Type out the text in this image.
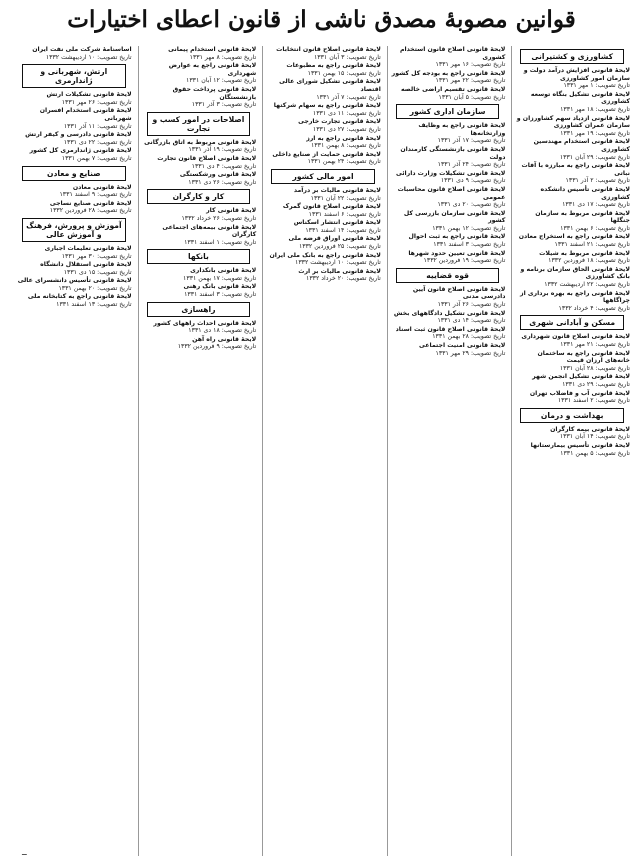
قوانین مصوبهٔ مصدق ناشی از قانون اعطای اختیارات
کشاورزی و کشتیرانی
لایحهٔ قانونی افزایش درآمد دولت و سازمان امور کشاورزی
تاریخ تصویب: ۱ مهر ۱۳۳۱
لایحهٔ قانونی تشکیل بنگاه توسعه کشاورزی
تاریخ تصویب: ۱۸ مهر ۱۳۳۱
لایحهٔ قانونی ازدیاد سهم کشاورزان و سازمان عمران کشاورزی
تاریخ تصویب: ۱۹ مهر ۱۳۳۱
لایحهٔ قانونی استخدام مهندسین کشاورزی
تاریخ تصویب: ۲۹ آبان ۱۳۳۱
لایحهٔ قانونی راجع به مبارزه با آفات نباتی
تاریخ تصویب: ۲ آذر ۱۳۳۱
لایحهٔ قانونی تأسیس دانشکده کشاورزی
تاریخ تصویب: ۱۷ دی ۱۳۳۱
لایحهٔ قانونی مربوط به سازمان جنگلها
تاریخ تصویب: ۶ بهمن ۱۳۳۱
لایحهٔ قانونی راجع به استخراج معادن
تاریخ تصویب: ۲۱ اسفند ۱۳۳۱
لایحهٔ قانونی مربوط به شیلات
تاریخ تصویب: ۱۸ فروردین ۱۳۳۲
لایحهٔ قانونی الحاق سازمان برنامه و بانک کشاورزی
تاریخ تصویب: ۲۲ اردیبهشت ۱۳۳۲
لایحهٔ قانونی راجع به بهره برداری از چراگاهها
تاریخ تصویب: ۴ خرداد ۱۳۳۲
مسکن و آبادانی شهری
لایحهٔ قانونی اصلاح قانون شهرداری
تاریخ تصویب: ۲۱ مهر ۱۳۳۱
لایحهٔ قانونی راجع به ساختمان خانه‌های ارزان قیمت
تاریخ تصویب: ۲۸ آبان ۱۳۳۱
لایحهٔ قانونی تشکیل انجمن شهر
تاریخ تصویب: ۲۹ دی ۱۳۳۱
لایحهٔ قانونی آب و فاضلاب تهران
تاریخ تصویب: ۲ اسفند ۱۳۳۱
بهداشت و درمان
لایحهٔ قانونی بیمه کارگران
تاریخ تصویب: ۱۴ آبان ۱۳۳۱
لایحهٔ قانونی تأسیس بیمارستانها
تاریخ تصویب: ۵ بهمن ۱۳۳۱
لایحهٔ قانونی اصلاح قانون استخدام کشوری
تاریخ تصویب: ۱۶ مهر ۱۳۳۱
لایحهٔ قانونی راجع به بودجه کل کشور
تاریخ تصویب: ۲۲ مهر ۱۳۳۱
لایحهٔ قانونی تقسیم اراضی خالصه
تاریخ تصویب: ۵ آبان ۱۳۳۱
سازمان اداری کشور
لایحهٔ قانونی راجع به وظایف وزارتخانه‌ها
تاریخ تصویب: ۱۷ آذر ۱۳۳۱
لایحهٔ قانونی بازنشستگی کارمندان دولت
تاریخ تصویب: ۲۴ آذر ۱۳۳۱
لایحهٔ قانونی تشکیلات وزارت دارائی
تاریخ تصویب: ۹ دی ۱۳۳۱
لایحهٔ قانونی اصلاح قانون محاسبات عمومی
تاریخ تصویب: ۲۰ دی ۱۳۳۱
لایحهٔ قانونی سازمان بازرسی کل کشور
تاریخ تصویب: ۱۲ بهمن ۱۳۳۱
لایحهٔ قانونی راجع به ثبت احوال
تاریخ تصویب: ۳ اسفند ۱۳۳۱
لایحهٔ قانونی تعیین حدود شهرها
تاریخ تصویب: ۱۹ فروردین ۱۳۳۲
قوه قضاییه
لایحهٔ قانونی اصلاح قانون آیین دادرسی مدنی
تاریخ تصویب: ۲۶ آذر ۱۳۳۱
لایحهٔ قانونی تشکیل دادگاههای بخش
تاریخ تصویب: ۱۴ دی ۱۳۳۱
لایحهٔ قانونی اصلاح قانون ثبت اسناد
تاریخ تصویب: ۲۸ بهمن ۱۳۳۱
لایحهٔ قانونی امنیت اجتماعی
تاریخ تصویب: ۲۹ مهر ۱۳۳۱
لایحهٔ قانونی اصلاح قانون انتخابات
تاریخ تصویب: ۳ آبان ۱۳۳۱
لایحهٔ قانونی راجع به مطبوعات
تاریخ تصویب: ۱۵ بهمن ۱۳۳۱
لایحهٔ قانونی تشکیل شورای عالی اقتصاد
تاریخ تصویب: ۷ آذر ۱۳۳۱
لایحهٔ قانونی راجع به سهام شرکتها
تاریخ تصویب: ۱۱ دی ۱۳۳۱
لایحهٔ قانونی تجارت خارجی
تاریخ تصویب: ۲۷ دی ۱۳۳۱
لایحهٔ قانونی راجع به ارز
تاریخ تصویب: ۸ بهمن ۱۳۳۱
لایحهٔ قانونی حمایت از صنایع داخلی
تاریخ تصویب: ۲۴ بهمن ۱۳۳۱
امور مالی کشور
لایحهٔ قانونی مالیات بر درآمد
تاریخ تصویب: ۲۲ آبان ۱۳۳۱
لایحهٔ قانونی اصلاح قانون گمرک
تاریخ تصویب: ۶ اسفند ۱۳۳۱
لایحهٔ قانونی انتشار اسکناس
تاریخ تصویب: ۱۴ اسفند ۱۳۳۱
لایحهٔ قانونی اوراق قرضه ملی
تاریخ تصویب: ۲۵ فروردین ۱۳۳۲
لایحهٔ قانونی راجع به بانک ملی ایران
تاریخ تصویب: ۱۰ اردیبهشت ۱۳۳۲
لایحهٔ قانونی مالیات بر ارث
تاریخ تصویب: ۲۰ خرداد ۱۳۳۲
لایحهٔ قانونی استخدام پیمانی
تاریخ تصویب: ۸ مهر ۱۳۳۱
لایحهٔ قانونی راجع به عوارض شهرداری
تاریخ تصویب: ۱۲ آبان ۱۳۳۱
لایحهٔ قانونی پرداخت حقوق بازنشستگان
تاریخ تصویب: ۳ آذر ۱۳۳۱
اصلاحات در امور کسب و تجارت
لایحهٔ قانونی مربوط به اتاق بازرگانی
تاریخ تصویب: ۱۹ آذر ۱۳۳۱
لایحهٔ قانونی اصلاح قانون تجارت
تاریخ تصویب: ۴ دی ۱۳۳۱
لایحهٔ قانونی ورشکستگی
تاریخ تصویب: ۲۶ دی ۱۳۳۱
کار و کارگران
لایحهٔ قانونی کار
تاریخ تصویب: ۲۶ خرداد ۱۳۳۲
لایحهٔ قانونی بیمه‌های اجتماعی کارگران
تاریخ تصویب: ۱ اسفند ۱۳۳۱
بانکها
لایحهٔ قانونی بانکداری
تاریخ تصویب: ۱۷ بهمن ۱۳۳۱
لایحهٔ قانونی بانک رهنی
تاریخ تصویب: ۳ اسفند ۱۳۳۱
راهسازی
لایحهٔ قانونی احداث راههای کشور
تاریخ تصویب: ۱۸ دی ۱۳۳۱
لایحهٔ قانونی راه آهن
تاریخ تصویب: ۹ فروردین ۱۳۳۲
اساسنامهٔ شرکت ملی نفت ایران
تاریخ تصویب: ۱۰ اردیبهشت ۱۳۳۲
ارتش، شهربانی و ژاندارمری
لایحهٔ قانونی تشکیلات ارتش
تاریخ تصویب: ۲۶ مهر ۱۳۳۱
لایحهٔ قانونی استخدام افسران شهربانی
تاریخ تصویب: ۱۱ آذر ۱۳۳۱
لایحهٔ قانونی دادرسی و کیفر ارتش
تاریخ تصویب: ۲۲ دی ۱۳۳۱
لایحهٔ قانونی ژاندارمری کل کشور
تاریخ تصویب: ۷ بهمن ۱۳۳۱
صنایع و معادن
لایحهٔ قانونی معادن
تاریخ تصویب: ۹ اسفند ۱۳۳۱
لایحهٔ قانونی صنایع نساجی
تاریخ تصویب: ۲۸ فروردین ۱۳۳۲
آموزش و پرورش، فرهنگ و آموزش عالی
لایحهٔ قانونی تعلیمات اجباری
تاریخ تصویب: ۳۰ مهر ۱۳۳۱
لایحهٔ قانونی استقلال دانشگاه
تاریخ تصویب: ۱۵ دی ۱۳۳۱
لایحهٔ قانونی تأسیس دانشسرای عالی
تاریخ تصویب: ۲۰ بهمن ۱۳۳۱
لایحهٔ قانونی راجع به کتابخانه ملی
تاریخ تصویب: ۱۳ اسفند ۱۳۳۱
ــ
